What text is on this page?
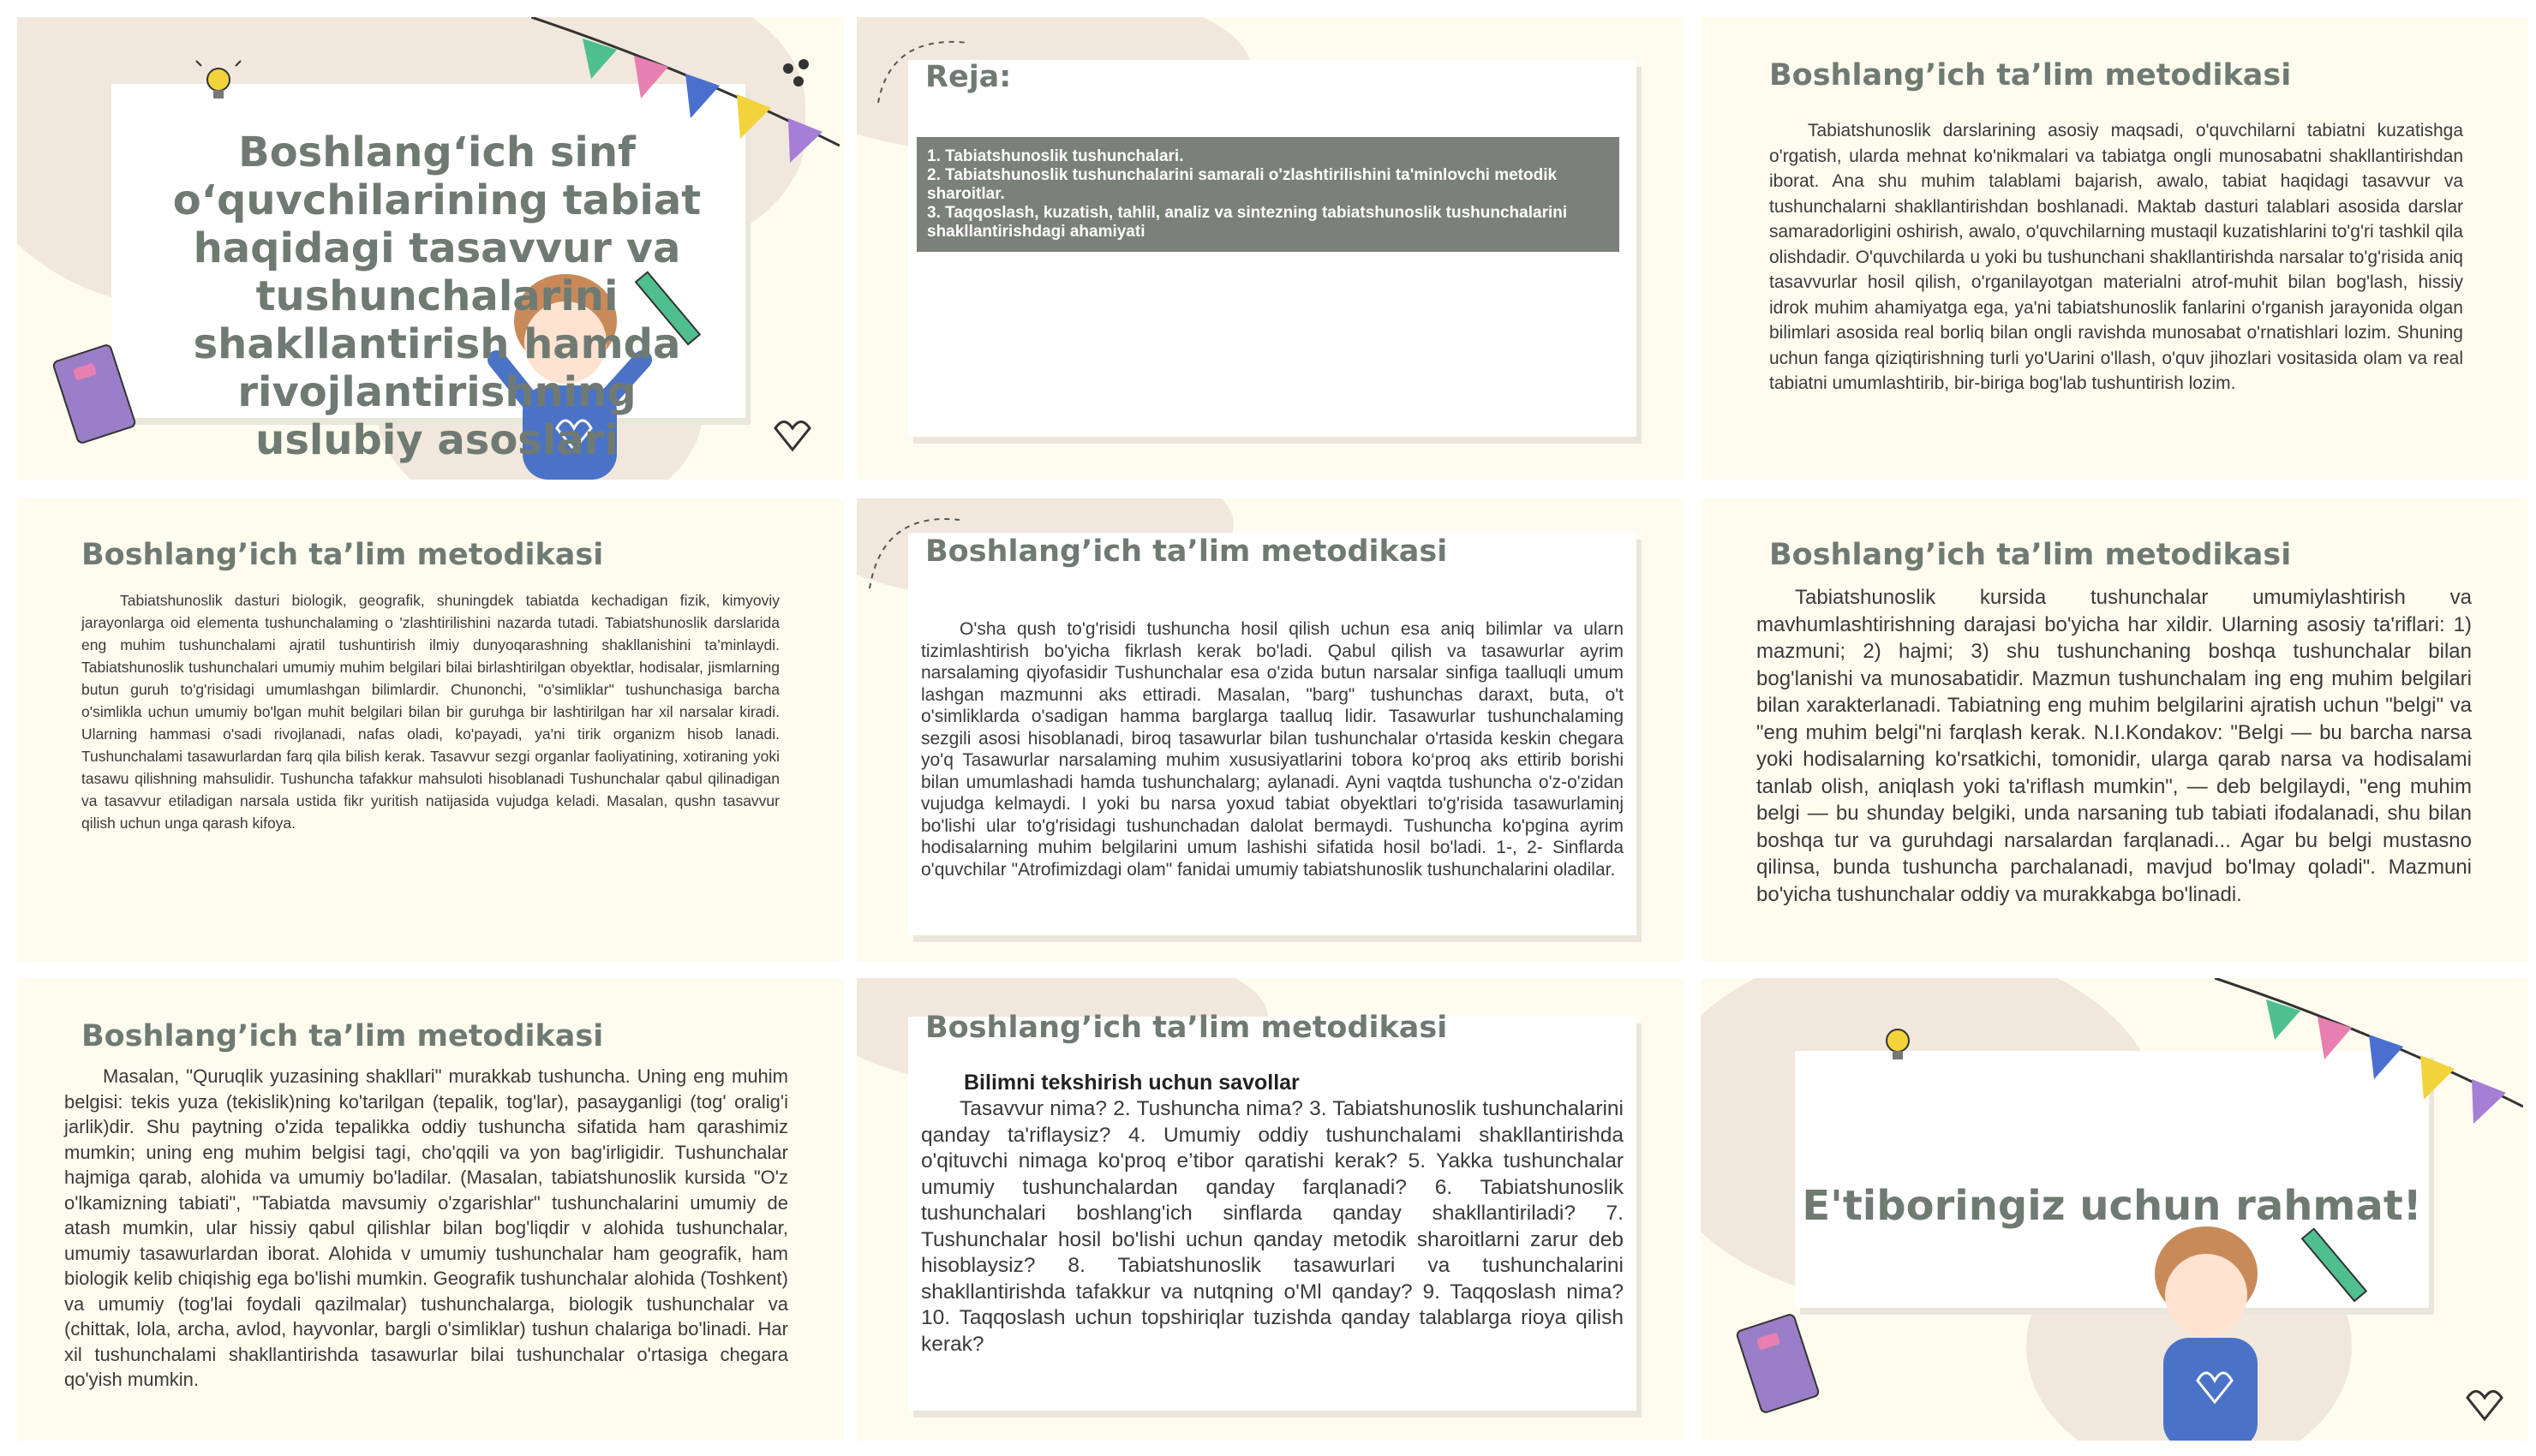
Boshlang‘ich sinf o‘quvchilarining tabiat haqidagi tasavvur va tushunchalarini shakllantirish hamda rivojlantirishning uslubiy asoslari
Reja:
1. Tabiatshunoslik tushunchalari.
2. Tabiatshunoslik tushunchalarini samarali o'zlashtirilishini ta'minlovchi metodik sharoitlar.
3. Taqqoslash, kuzatish, tahlil, analiz va sintezning tabiatshunoslik tushunchalarini shakllantirishdagi ahamiyati
Boshlang’ich ta’lim metodikasi

Tabiatshunoslik darslarining asosiy maqsadi, o'quvchilarni tabiatni kuzatishga o'rgatish, ularda mehnat ko'nikmalari va tabiatga ongli munosabatni shakllantirishdan iborat. Ana shu muhim talablami bajarish, awalo, tabiat haqidagi tasavvur va tushunchalarni shakllantirishdan boshlanadi. Maktab dasturi talablari asosida darslar samaradorligini oshirish, awalo, o'quvchilarning mustaqil kuzatishlarini to'g'ri tashkil qila olishdadir. O'quvchilarda u yoki bu tushunchani shakllantirishda narsalar to'g'risida aniq tasavvurlar hosil qilish, o'rganilayotgan materialni atrof-muhit bilan bog'lash, hissiy idrok muhim ahamiyatga ega, ya'ni tabiatshunoslik fanlarini o'rganish jarayonida olgan bilimlari asosida real borliq bilan ongli ravishda munosabat o'rnatishlari lozim. Shuning uchun fanga qiziqtirishning turli yo'Uarini o'llash, o'quv jihozlari vositasida olam va real tabiatni umumlashtirib, bir-biriga bog'lab tushuntirish lozim.

Boshlang’ich ta’lim metodikasi

Tabiatshunoslik dasturi biologik, geografik, shuningdek tabiatda kechadigan fizik, kimyoviy jarayonlarga oid elementa tushunchalaming o 'zlashtirilishini nazarda tutadi. Tabiatshunoslik darslarida eng muhim tushunchalami ajratil tushuntirish ilmiy dunyoqarashning shakllanishini ta’minlaydi. Tabiatshunoslik tushunchalari umumiy muhim belgilari bilai birlashtirilgan obyektlar, hodisalar, jismlarning butun guruh to'g'risidagi umumlashgan bilimlardir. Chunonchi, "o'simliklar" tushunchasiga barcha o'simlikla uchun umumiy bo'lgan muhit belgilari bilan bir guruhga bir lashtirilgan har xil narsalar kiradi. Ularning hammasi o'sadi rivojlanadi, nafas oladi, ko'payadi, ya'ni tirik organizm hisob lanadi. Tushunchalami tasawurlardan farq qila bilish kerak. Tasavvur sezgi organlar faoliyatining, xotiraning yoki tasawu qilishning mahsulidir. Tushuncha tafakkur mahsuloti hisoblanadi Tushunchalar qabul qilinadigan va tasavvur etiladigan narsala ustida fikr yuritish natijasida vujudga keladi. Masalan, qushn tasavvur qilish uchun unga qarash kifoya.

Boshlang’ich ta’lim metodikasi

O'sha qush to'g'risidi tushuncha hosil qilish uchun esa aniq bilimlar va ularn tizimlashtirish bo'yicha fikrlash kerak bo'ladi. Qabul qilish va tasawurlar ayrim narsalaming qiyofasidir Tushunchalar esa o'zida butun narsalar sinfiga taalluqli umum lashgan mazmunni aks ettiradi. Masalan, "barg" tushunchas daraxt, buta, o't o'simliklarda o'sadigan hamma barglarga taalluq lidir. Tasawurlar tushunchalaming sezgili asosi hisoblanadi, biroq tasawurlar bilan tushunchalar o'rtasida keskin chegara yo'q Tasawurlar narsalaming muhim xususiyatlarini tobora ko‘proq aks ettirib borishi bilan umumlashadi hamda tushunchalarg; aylanadi. Ayni vaqtda tushuncha o'z-o'zidan vujudga kelmaydi. I yoki bu narsa yoxud tabiat obyektlari to'g'risida tasawurlaminj bo'lishi ular to'g'risidagi tushunchadan dalolat bermaydi. Tushuncha ko'pgina ayrim hodisalarning muhim belgilarini umum lashishi sifatida hosil bo'ladi. 1-, 2- Sinflarda o'quvchilar "Atrofimizdagi olam" fanidai umumiy tabiatshunoslik tushunchalarini oladilar.

Boshlang’ich ta’lim metodikasi

Tabiatshunoslik kursida tushunchalar umumiylashtirish va mavhumlashtirishning darajasi bo'yicha har xildir. Ularning asosiy ta'riflari: 1) mazmuni; 2) hajmi; 3) shu tushunchaning boshqa tushunchalar bilan bog'lanishi va munosabatidir. Mazmun tushunchalam ing eng muhim belgilari bilan xarakterlanadi. Tabiatning eng muhim belgilarini ajratish uchun "belgi" va "eng muhim belgi"ni farqlash kerak. N.I.Kondakov: "Belgi — bu barcha narsa yoki hodisalarning ko'rsatkichi, tomonidir, ularga qarab narsa va hodisalami tanlab olish, aniqlash yoki ta'riflash mumkin", — deb belgilaydi, "eng muhim belgi — bu shunday belgiki, unda narsaning tub tabiati ifodalanadi, shu bilan boshqa tur va guruhdagi narsalardan farqlanadi... Agar bu belgi mustasno qilinsa, bunda tushuncha parchalanadi, mavjud bo'lmay qoladi". Mazmuni bo'yicha tushunchalar oddiy va murakkabga bo'linadi.

Boshlang’ich ta’lim metodikasi

Masalan, "Quruqlik yuzasining shakllari" murakkab tushuncha. Uning eng muhim belgisi: tekis yuza (tekislik)ning ko'tarilgan (tepalik, tog'lar), pasayganligi (tog' oralig'i jarlik)dir. Shu paytning o'zida tepalikka oddiy tushuncha sifatida ham qarashimiz mumkin; uning eng muhim belgisi tagi, cho'qqili va yon bag'irligidir. Tushunchalar hajmiga qarab, alohida va umumiy bo'ladilar. (Masalan, tabiatshunoslik kursida "O'z o'lkamizning tabiati", "Tabiatda mavsumiy o'zgarishlar" tushunchalarini umumiy de atash mumkin, ular hissiy qabul qilishlar bilan bog'liqdir v alohida tushunchalar, umumiy tasawurlardan iborat. Alohida v umumiy tushunchalar ham geografik, ham biologik kelib chiqishig ega bo'lishi mumkin. Geografik tushunchalar alohida (Toshkent) va umumiy (tog'lai foydali qazilmalar) tushunchalarga, biologik tushunchalar va (chittak, lola, archa, avlod, hayvonlar, bargli o'simliklar) tushun chalariga bo'linadi. Har xil tushunchalami shakllantirishda tasawurlar bilai tushunchalar o'rtasiga chegara qo'yish mumkin.

Boshlang’ich ta’lim metodikasi
Bilimni tekshirish uchun savollar

Tasavvur nima? 2. Tushuncha nima? 3. Tabiatshunoslik tushunchalarini qanday ta'riflaysiz? 4. Umumiy oddiy tushunchalami shakllantirishda o'qituvchi nimaga ko'proq e’tibor qaratishi kerak? 5. Yakka tushunchalar umumiy tushunchalardan qanday farqlanadi? 6. Tabiatshunoslik tushunchalari boshlang'ich sinflarda qanday shakllantiriladi? 7. Tushunchalar hosil bo'lishi uchun qanday metodik sharoitlarni zarur deb hisoblaysiz? 8. Tabiatshunoslik tasawurlari va tushunchalarini shakllantirishda tafakkur va nutqning o'Ml qanday? 9. Taqqoslash nima? 10. Taqqoslash uchun topshiriqlar tuzishda qanday talablarga rioya qilish kerak?

E'tiboringiz uchun rahmat!
